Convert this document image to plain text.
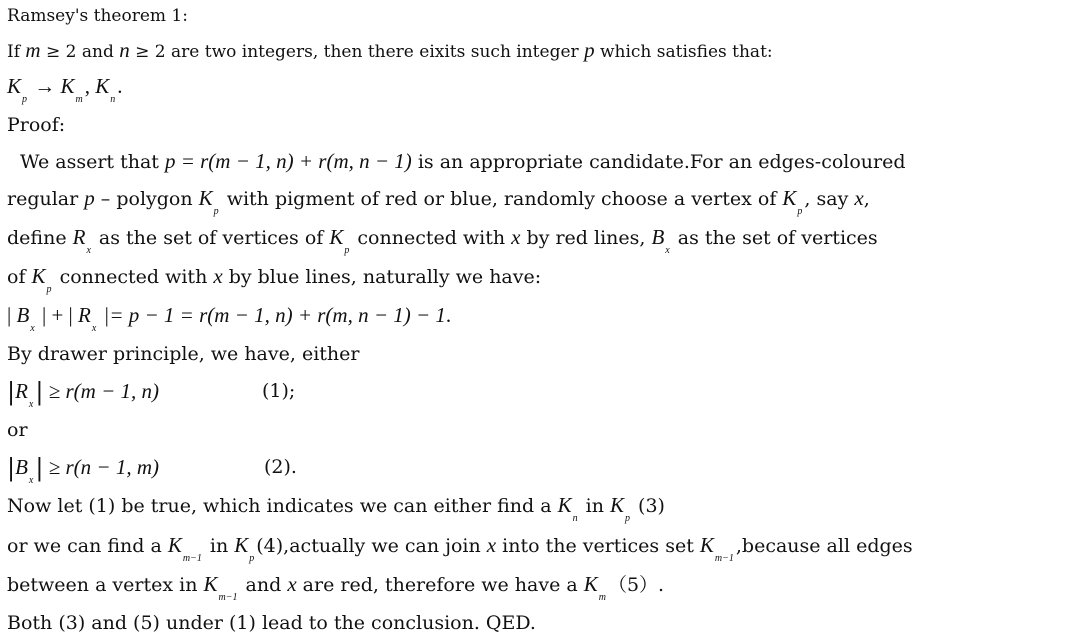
Ramsey's theorem 1:
If m ≥ 2 and n ≥ 2 are two integers, then there eixits such integer p which satisfies that:
$K_p \to K_m$, $K_n$.
Proof:
We assert that p = r(m − 1, n) + r(m, n − 1) is an appropriate candidate.For an edges-coloured
regular p – polygon $K_p$ with pigment of red or blue, randomly choose a vertex of $K_p$, say x,
define $R_x$ as the set of vertices of $K_p$ connected with x by red lines, $B_x$ as the set of vertices
of $K_p$ connected with x by blue lines, naturally we have:
| $B_x$ | + | $R_x$ |= p − 1 = r(m − 1, n) + r(m, n − 1) − 1.
By drawer principle, we have, either
$|R_x| \ge r(m - 1$, n)	(1);
or
$|B_x| \ge r(n - 1$, m)	(2).
Now let (1) be true, which indicates we can either find a $K_n$ in $K_p$ (3)
or we can find a $K_{m-1}$ in $K_p(4),actually$ we can join x into the vertices set $K_{m-1},because$ all edges
between a vertex in $K_{m-1}$ and x are red, therefore we have a $K_m(5)$.
Both (3) and (5) under (1) lead to the conclusion. QED.
